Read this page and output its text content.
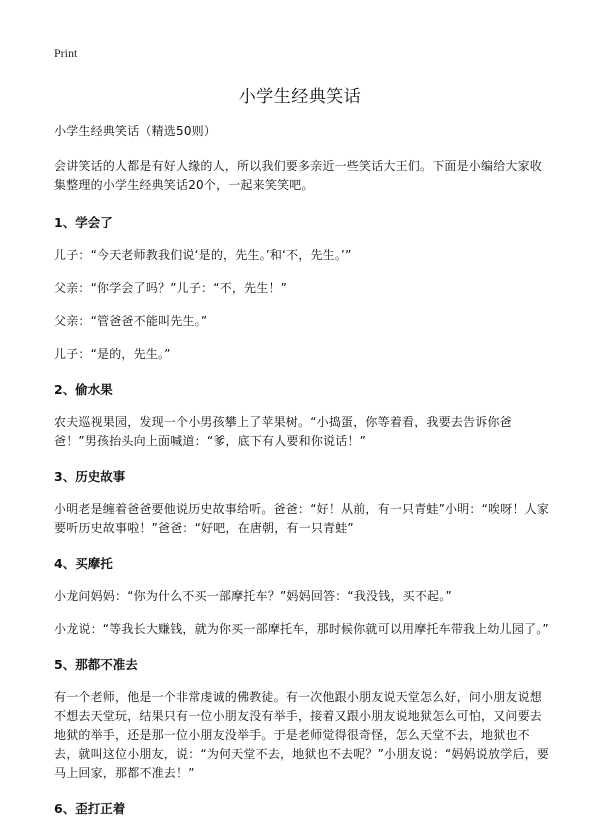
Print
小学生经典笑话

小学生经典笑话（精选50则）

会讲笑话的人都是有好人缘的人，所以我们要多亲近一些笑话大王们。下面是小编给大家收集整理的小学生经典笑话20个，一起来笑笑吧。

1、学会了

儿子：“今天老师教我们说‘是的，先生。’和‘不，先生。’”

父亲：“你学会了吗？”儿子：“不，先生！”

父亲：“管爸爸不能叫先生。”

儿子：“是的，先生。”

2、偷水果

农夫巡视果园，发现一个小男孩攀上了苹果树。“小捣蛋，你等着看，我要去告诉你爸爸！”男孩抬头向上面喊道：“爹，底下有人要和你说话！”

3、历史故事

小明老是缠着爸爸要他说历史故事给听。爸爸：“好！从前，有一只青蛙”小明：“唉呀！人家要听历史故事啦！”爸爸：“好吧，在唐朝，有一只青蛙”

4、买摩托

小龙问妈妈：“你为什么不买一部摩托车？”妈妈回答：“我没钱，买不起。”

小龙说：“等我长大赚钱，就为你买一部摩托车，那时候你就可以用摩托车带我上幼儿园了。”

5、那都不准去

有一个老师，他是一个非常虔诚的佛教徒。有一次他跟小朋友说天堂怎么好，问小朋友说想不想去天堂玩，结果只有一位小朋友没有举手，接着又跟小朋友说地狱怎么可怕，又问要去地狱的举手，还是那一位小朋友没举手。于是老师觉得很奇怪，怎么天堂不去，地狱也不去，就叫这位小朋友，说：“为何天堂不去，地狱也不去呢？”小朋友说：“妈妈说放学后，要马上回家，那都不准去！”

6、歪打正着
